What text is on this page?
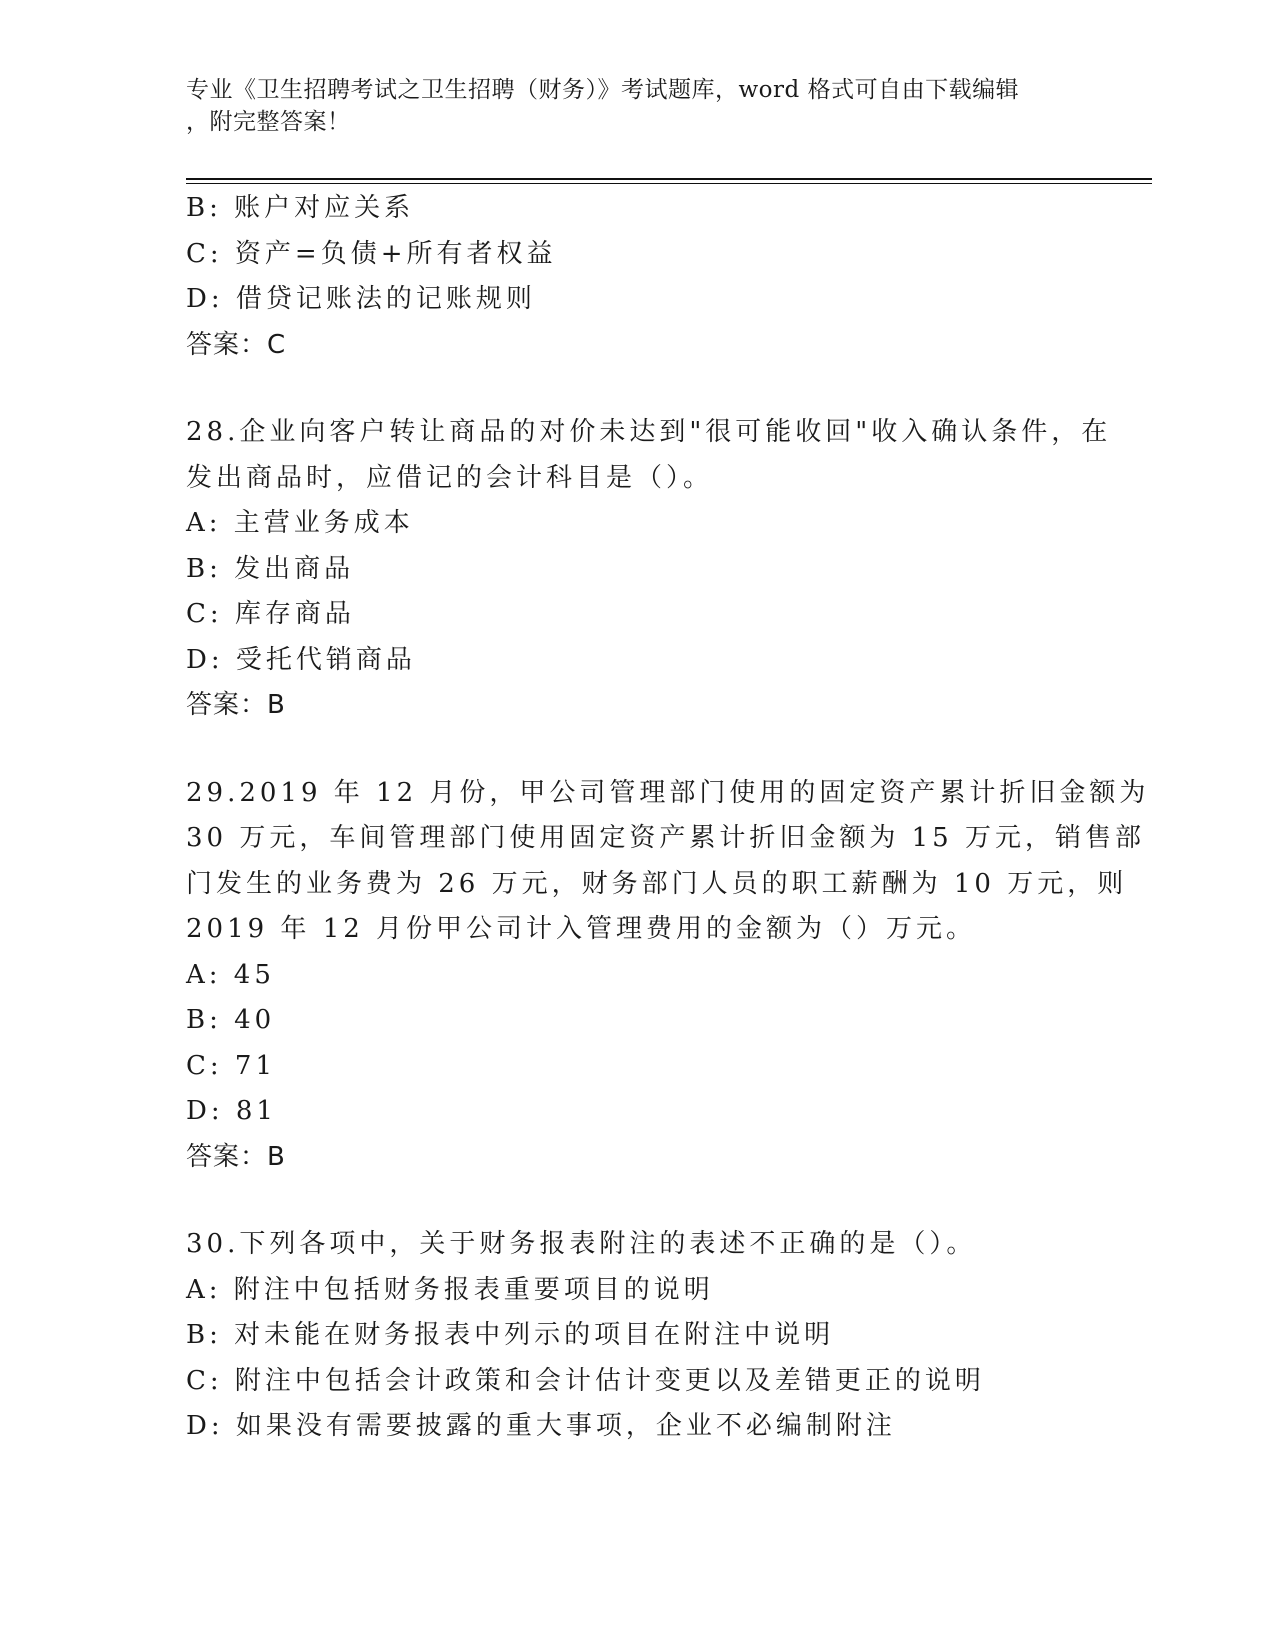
专业《卫生招聘考试之卫生招聘（财务）》考试题库，word 格式可自由下载编辑
，附完整答案！
B: 账户对应关系
C: 资产=负债+所有者权益
D: 借贷记账法的记账规则
答案：C
28.企业向客户转让商品的对价未达到"很可能收回"收入确认条件，在
发出商品时，应借记的会计科目是（）。
A: 主营业务成本
B: 发出商品
C: 库存商品
D: 受托代销商品
答案：B
29.2019 年 12 月份，甲公司管理部门使用的固定资产累计折旧金额为
30 万元，车间管理部门使用固定资产累计折旧金额为 15 万元，销售部
门发生的业务费为 26 万元，财务部门人员的职工薪酬为 10 万元，则
2019 年 12 月份甲公司计入管理费用的金额为（）万元。
A: 45
B: 40
C: 71
D: 81
答案：B
30.下列各项中，关于财务报表附注的表述不正确的是（）。
A: 附注中包括财务报表重要项目的说明
B: 对未能在财务报表中列示的项目在附注中说明
C: 附注中包括会计政策和会计估计变更以及差错更正的说明
D: 如果没有需要披露的重大事项，企业不必编制附注
